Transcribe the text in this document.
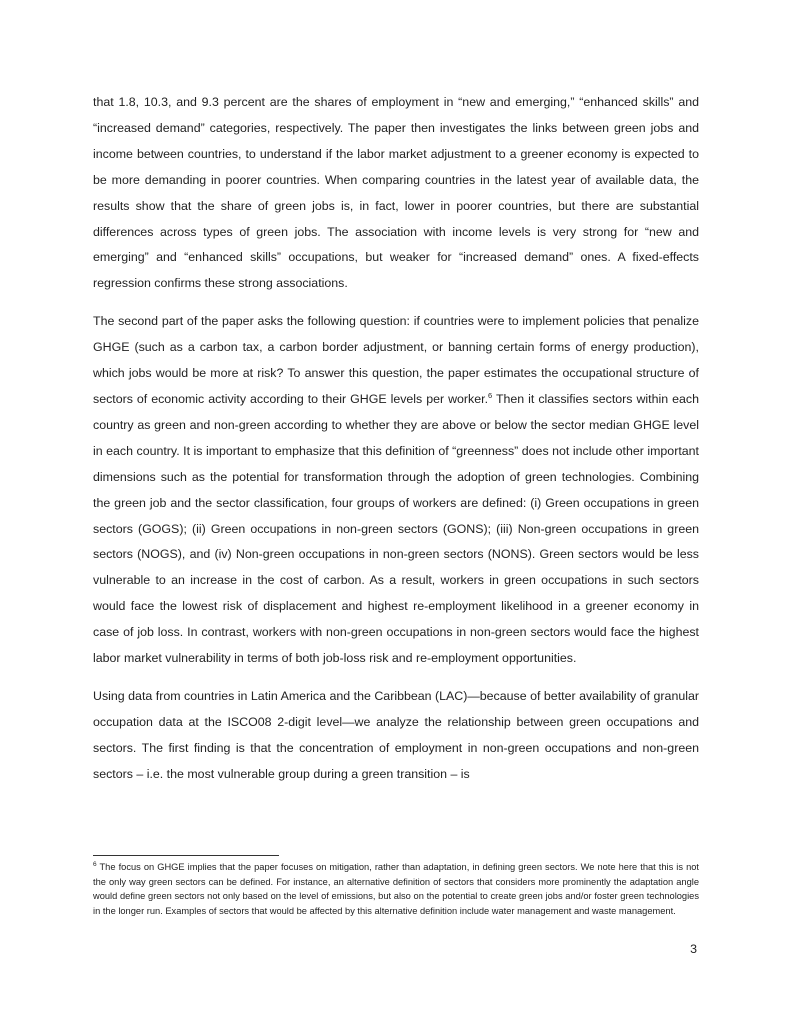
that 1.8, 10.3, and 9.3 percent are the shares of employment in “new and emerging,” “enhanced skills” and “increased demand” categories, respectively. The paper then investigates the links between green jobs and income between countries, to understand if the labor market adjustment to a greener economy is expected to be more demanding in poorer countries. When comparing countries in the latest year of available data, the results show that the share of green jobs is, in fact, lower in poorer countries, but there are substantial differences across types of green jobs. The association with income levels is very strong for “new and emerging” and “enhanced skills” occupations, but weaker for “increased demand” ones. A fixed-effects regression confirms these strong associations.

The second part of the paper asks the following question: if countries were to implement policies that penalize GHGE (such as a carbon tax, a carbon border adjustment, or banning certain forms of energy production), which jobs would be more at risk? To answer this question, the paper estimates the occupational structure of sectors of economic activity according to their GHGE levels per worker.$^6$ Then it classifies sectors within each country as green and non-green according to whether they are above or below the sector median GHGE level in each country. It is important to emphasize that this definition of “greenness” does not include other important dimensions such as the potential for transformation through the adoption of green technologies. Combining the green job and the sector classification, four groups of workers are defined: (i) Green occupations in green sectors (GOGS); (ii) Green occupations in non-green sectors (GONS); (iii) Non-green occupations in green sectors (NOGS), and (iv) Non-green occupations in non-green sectors (NONS). Green sectors would be less vulnerable to an increase in the cost of carbon. As a result, workers in green occupations in such sectors would face the lowest risk of displacement and highest re-employment likelihood in a greener economy in case of job loss. In contrast, workers with non-green occupations in non-green sectors would face the highest labor market vulnerability in terms of both job-loss risk and re-employment opportunities.

Using data from countries in Latin America and the Caribbean (LAC)—because of better availability of granular occupation data at the ISCO08 2-digit level—we analyze the relationship between green occupations and sectors. The first finding is that the concentration of employment in non-green occupations and non-green sectors – i.e. the most vulnerable group during a green transition – is

$^6$ The focus on GHGE implies that the paper focuses on mitigation, rather than adaptation, in defining green sectors. We note here that this is not the only way green sectors can be defined. For instance, an alternative definition of sectors that considers more prominently the adaptation angle would define green sectors not only based on the level of emissions, but also on the potential to create green jobs and/or foster green technologies in the longer run. Examples of sectors that would be affected by this alternative definition include water management and waste management.

3
